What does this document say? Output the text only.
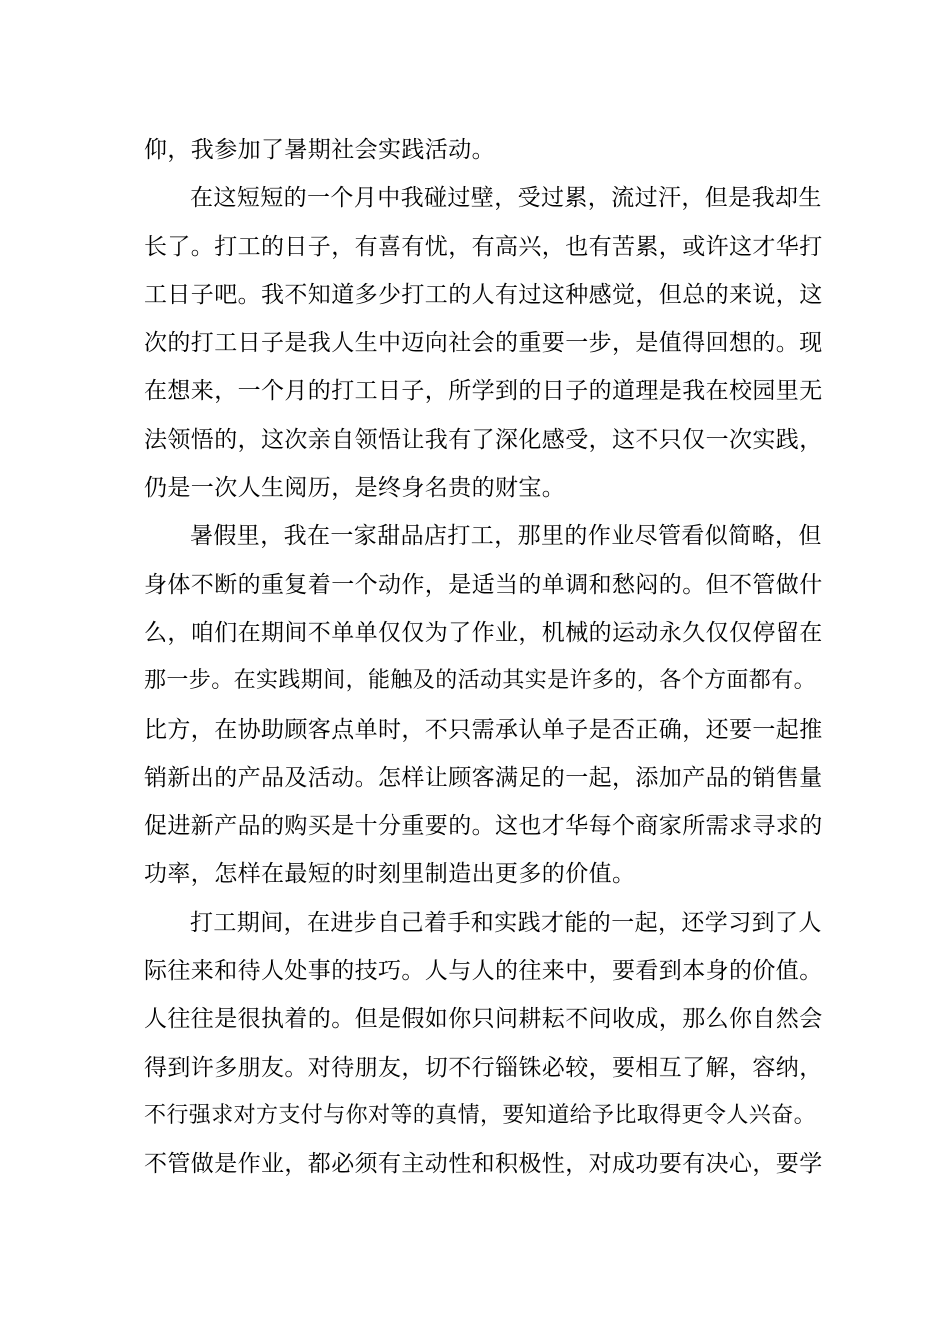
仰，我参加了暑期社会实践活动。
在这短短的一个月中我碰过壁，受过累，流过汗，但是我却生
长了。打工的日子，有喜有忧，有高兴，也有苦累，或许这才华打
工日子吧。我不知道多少打工的人有过这种感觉，但总的来说，这
次的打工日子是我人生中迈向社会的重要一步，是值得回想的。现
在想来，一个月的打工日子，所学到的日子的道理是我在校园里无
法领悟的，这次亲自领悟让我有了深化感受，这不只仅一次实践，
仍是一次人生阅历，是终身名贵的财宝。
暑假里，我在一家甜品店打工，那里的作业尽管看似简略，但
身体不断的重复着一个动作，是适当的单调和愁闷的。但不管做什
么，咱们在期间不单单仅仅为了作业，机械的运动永久仅仅停留在
那一步。在实践期间，能触及的活动其实是许多的，各个方面都有。
比方，在协助顾客点单时，不只需承认单子是否正确，还要一起推
销新出的产品及活动。怎样让顾客满足的一起，添加产品的销售量
促进新产品的购买是十分重要的。这也才华每个商家所需求寻求的
功率，怎样在最短的时刻里制造出更多的价值。
打工期间，在进步自己着手和实践才能的一起，还学习到了人
际往来和待人处事的技巧。人与人的往来中，要看到本身的价值。
人往往是很执着的。但是假如你只问耕耘不问收成，那么你自然会
得到许多朋友。对待朋友，切不行锱铢必较，要相互了解，容纳，
不行强求对方支付与你对等的真情，要知道给予比取得更令人兴奋。
不管做是作业，都必须有主动性和积极性，对成功要有决心，要学
